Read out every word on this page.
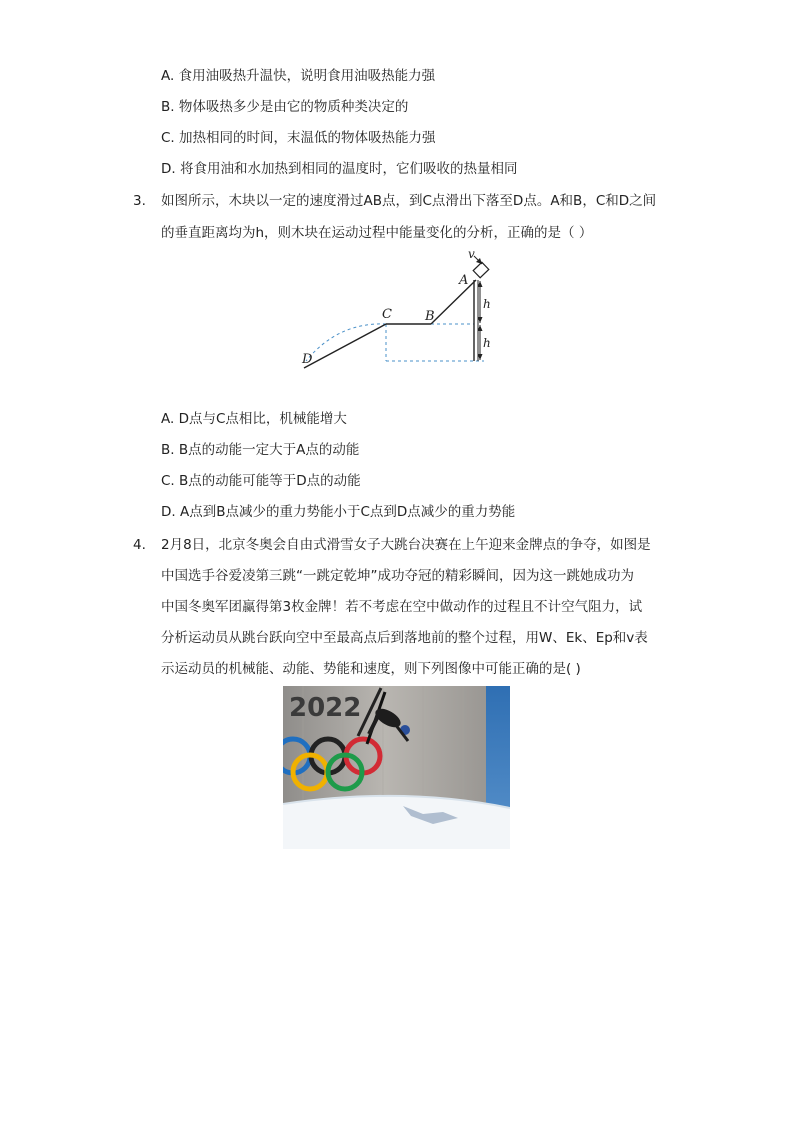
A. 食用油吸热升温快，说明食用油吸热能力强
B. 物体吸热多少是由它的物质种类决定的
C. 加热相同的时间，末温低的物体吸热能力强
D. 将食用油和水加热到相同的温度时，它们吸收的热量相同
3. 如图所示，木块以一定的速度滑过AB点，到C点滑出下落至D点。A和B，C和D之间
的垂直距离均为h，则木块在运动过程中能量变化的分析，正确的是（ ）
v
A
B
C
D
h
h
A. D点与C点相比，机械能增大
B. B点的动能一定大于A点的动能
C. B点的动能可能等于D点的动能
D. A点到B点减少的重力势能小于C点到D点减少的重力势能
4. 2月8日，北京冬奥会自由式滑雪女子大跳台决赛在上午迎来金牌点的争夺，如图是
中国选手谷爱凌第三跳“一跳定乾坤”成功夺冠的精彩瞬间，因为这一跳她成功为
中国冬奥军团赢得第3枚金牌！若不考虑在空中做动作的过程且不计空气阻力，试
分析运动员从跳台跃向空中至最高点后到落地前的整个过程，用W、Ek、Ep和v表
示运动员的机械能、动能、势能和速度，则下列图像中可能正确的是( )
2022
